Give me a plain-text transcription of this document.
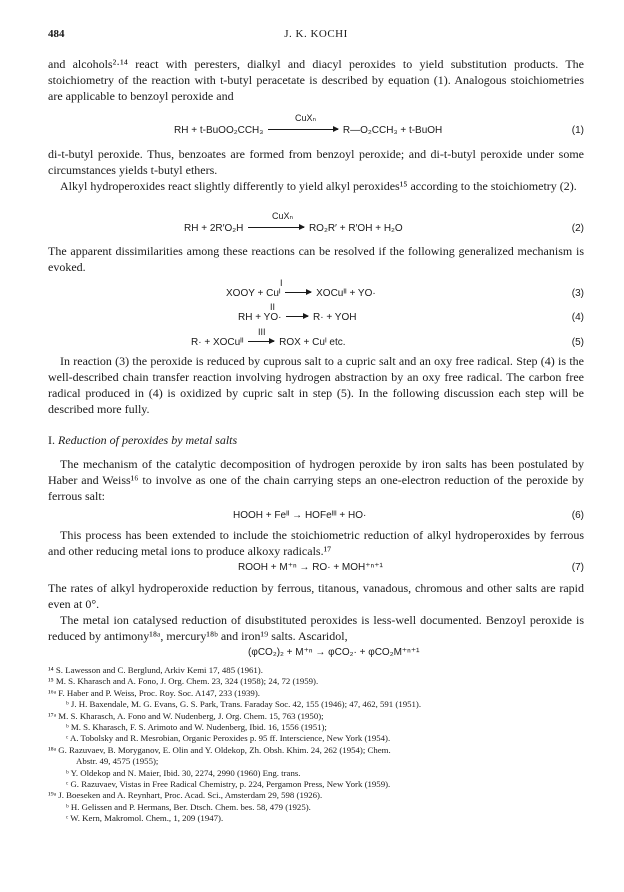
484	J. K. KOCHI

and alcohols²·¹⁴ react with peresters, dialkyl and diacyl peroxides to yield substitution products. The stoichiometry of the reaction with t-butyl peracetate is described by equation (1). Analogous stoichiometries are applicable to benzoyl peroxide and

CuXₙ
RH + t-BuOO₂CCH₃	R—O₂CCH₃ + t-BuOH	(1)

di-t-butyl peroxide. Thus, benzoates are formed from benzoyl peroxide; and di-t-butyl peroxide under some circumstances yields t-butyl ethers.

Alkyl hydroperoxides react slightly differently to yield alkyl peroxides¹⁵ according to the stoichiometry (2).

CuXₙ
RH + 2R′O₂H	RO₂R′ + R′OH + H₂O	(2)

The apparent dissimilarities among these reactions can be resolved if the following generalized mechanism is evoked.

I
XOOY + Cuᴵ → XOCuᴵᴵ + YO·	(3)
II
RH + YO· → R· + YOH	(4)
III
R· + XOCuᴵᴵ → ROX + Cuᴵ etc.	(5)

In reaction (3) the peroxide is reduced by cuprous salt to a cupric salt and an oxy free radical. Step (4) is the well-described chain transfer reaction involving hydrogen abstraction by an oxy free radical. The carbon free radical produced in (4) is oxidized by cupric salt in step (5). In the following discussion each step will be described more fully.

I. Reduction of peroxides by metal salts

The mechanism of the catalytic decomposition of hydrogen peroxide by iron salts has been postulated by Haber and Weiss¹⁶ to involve as one of the chain carrying steps an one-electron reduction of the peroxide by ferrous salt:

HOOH + Feᴵᴵ → HOFeᴵᴵᴵ + HO·	(6)

This process has been extended to include the stoichiometric reduction of alkyl hydroperoxides by ferrous and other reducing metal ions to produce alkoxy radicals.¹⁷

ROOH + M⁺ⁿ → RO· + MOH⁺ⁿ⁺¹	(7)

The rates of alkyl hydroperoxide reduction by ferrous, titanous, vanadous, chromous and other salts are rapid even at 0°.

The metal ion catalysed reduction of disubstituted peroxides is less-well documented. Benzoyl peroxide is reduced by antimony¹⁸ᵃ, mercury¹⁸ᵇ and iron¹⁹ salts. Ascaridol,

(φCO₂)₂ + M⁺ⁿ → φCO₂· + φCO₂M⁺ⁿ⁺¹
¹⁴ S. Lawesson and C. Berglund, Arkiv Kemi 17, 485 (1961).
¹⁵ M. S. Kharasch and A. Fono, J. Org. Chem. 23, 324 (1958); 24, 72 (1959).
¹⁶ᵃ F. Haber and P. Weiss, Proc. Roy. Soc. A147, 233 (1939).
ᵇ J. H. Baxendale, M. G. Evans, G. S. Park, Trans. Faraday Soc. 42, 155 (1946); 47, 462, 591 (1951).
¹⁷ᵃ M. S. Kharasch, A. Fono and W. Nudenberg, J. Org. Chem. 15, 763 (1950);
ᵇ M. S. Kharasch, F. S. Arimoto and W. Nudenberg, Ibid. 16, 1556 (1951);
ᶜ A. Tobolsky and R. Mesrobian, Organic Peroxides p. 95 ff. Interscience, New York (1954).
¹⁸ᵃ G. Razuvaev, B. Moryganov, E. Olin and Y. Oldekop, Zh. Obsh. Khim. 24, 262 (1954); Chem.
Abstr. 49, 4575 (1955);
ᵇ Y. Oldekop and N. Maier, Ibid. 30, 2274, 2990 (1960) Eng. trans.
ᶜ G. Razuvaev, Vistas in Free Radical Chemistry, p. 224, Pergamon Press, New York (1959).
¹⁹ᵃ J. Boeseken and A. Reynhart, Proc. Acad. Sci., Amsterdam 29, 598 (1926).
ᵇ H. Gelissen and P. Hermans, Ber. Dtsch. Chem. bes. 58, 479 (1925).
ᶜ W. Kern, Makromol. Chem., 1, 209 (1947).
